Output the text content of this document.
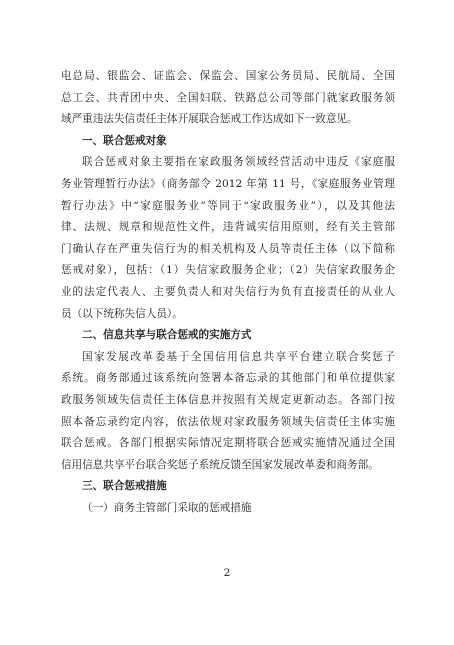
电总局、银监会、证监会、保监会、国家公务员局、民航局、全国
总工会、共青团中央、全国妇联、铁路总公司等部门就家政服务领
域严重违法失信责任主体开展联合惩戒工作达成如下一致意见。
一、联合惩戒对象
联合惩戒对象主要指在家政服务领域经营活动中违反《家庭服
务业管理暂行办法》（商务部令 2012 年第 11 号，《家庭服务业管理
暂行办法》中“家庭服务业”等同于“家政服务业”），以及其他法
律、法规、规章和规范性文件，违背诚实信用原则，经有关主管部
门确认存在严重失信行为的相关机构及人员等责任主体（以下简称
惩戒对象），包括：（1）失信家政服务企业；（2）失信家政服务企
业的法定代表人、主要负责人和对失信行为负有直接责任的从业人
员（以下统称失信人员）。
二、信息共享与联合惩戒的实施方式
国家发展改革委基于全国信用信息共享平台建立联合奖惩子
系统。商务部通过该系统向签署本备忘录的其他部门和单位提供家
政服务领域失信责任主体信息并按照有关规定更新动态。各部门按
照本备忘录约定内容，依法依规对家政服务领域失信责任主体实施
联合惩戒。各部门根据实际情况定期将联合惩戒实施情况通过全国
信用信息共享平台联合奖惩子系统反馈至国家发展改革委和商务部。
三、联合惩戒措施
（一）商务主管部门采取的惩戒措施
2
